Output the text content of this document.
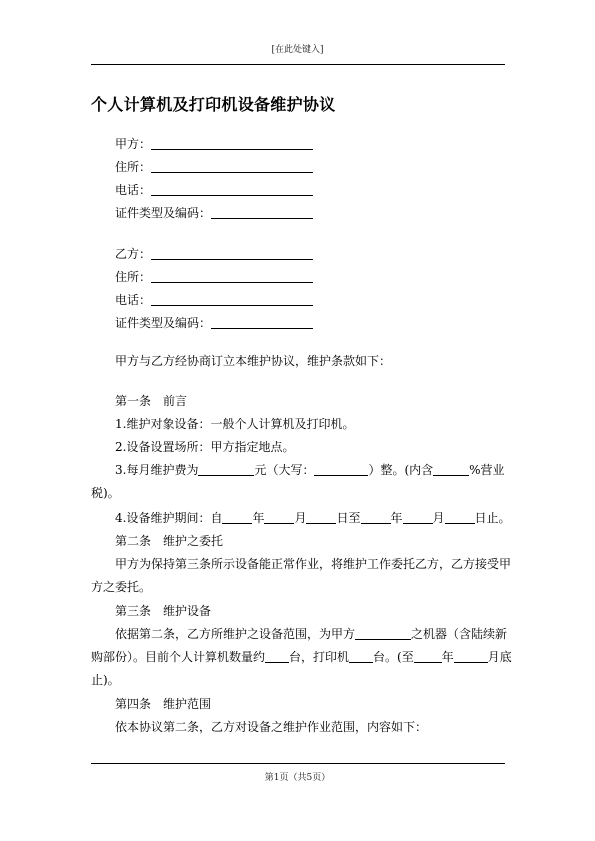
[在此处键入]
个人计算机及打印机设备维护协议
甲方：
住所：
电话：
证件类型及编码：
乙方：
住所：
电话：
证件类型及编码：
甲方与乙方经协商订立本维护协议，维护条款如下：
第一条　前言
1.维护对象设备：一般个人计算机及打印机。
2.设备设置场所：甲方指定地点。
3.每月维护费为	元（大写：	）整。(内含	%营业
税)。
4.设备维护期间：自	年	月	日至	年	月	日止。
第二条　维护之委托
甲方为保持第三条所示设备能正常作业，将维护工作委托乙方，乙方接受甲
方之委托。
第三条　维护设备
依据第二条，乙方所维护之设备范围，为甲方	之机器（含陆续新
购部份）。目前个人计算机数量约 台，打印机 台。(至 年	月底
止)。
第四条　维护范围
依本协议第二条，乙方对设备之维护作业范围，内容如下：
第1页（共5页）
